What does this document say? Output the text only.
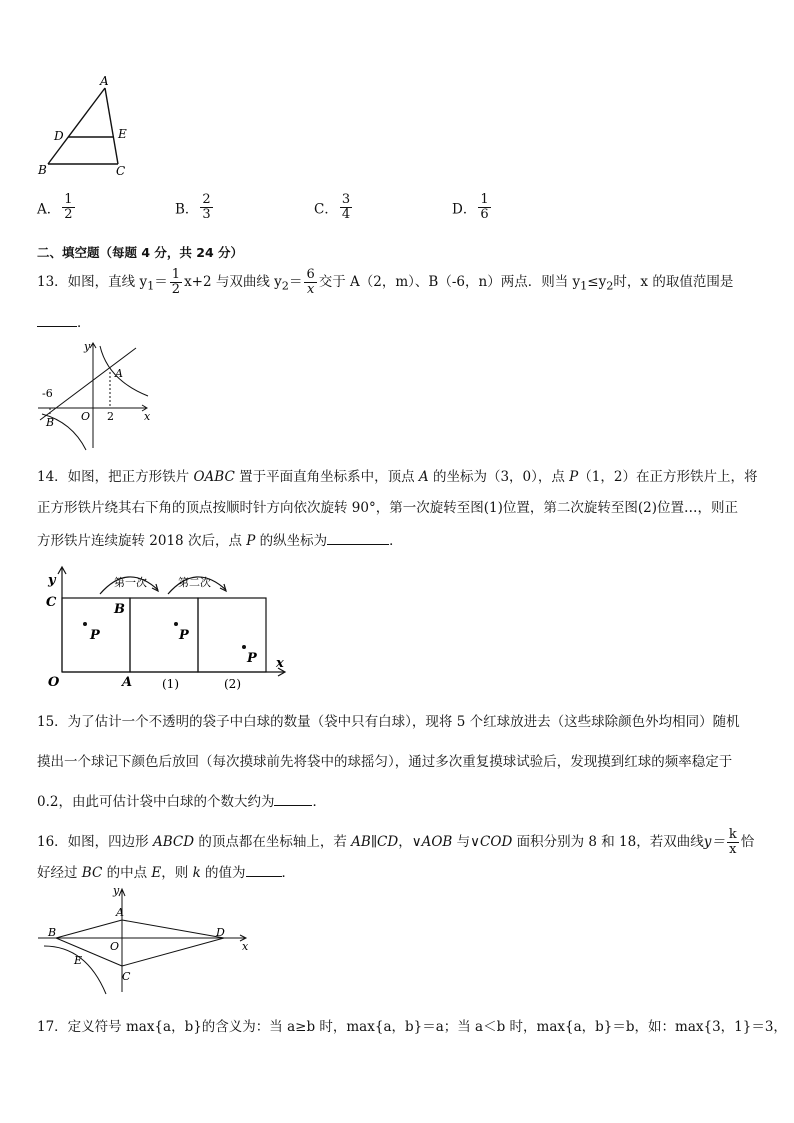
A
D	E
B	C
A． $\frac{1}{2}$	B． $\frac{2}{3}$	C． $\frac{3}{4}$	D． $\frac{1}{6}$
二、填空题（每题 4 分，共 24 分）
13．如图，直线 $y_1= \frac{1}{2} x+2$ 与双曲线 $y_2= \frac{6}{x}$ 交于 A（2，m）、B（-6，n）两点．则当 $y_1\le y_2$时，x 的取值范围是
．
y
x
O
A
B
-6
2
14．如图，把正方形铁片 OABC 置于平面直角坐标系中，顶点 A 的坐标为（3，0），点 P（1，2）在正方形铁片上，将
正方形铁片绕其右下角的顶点按顺时针方向依次旋转 90°，第一次旋转至图(1)位置，第二次旋转至图(2)位置…，则正
方形铁片连续旋转 2018 次后，点 P 的纵坐标为	．
y
x
C	B
O	A
P	P
P
第一次	第二次
(1)	(2)
15．为了估计一个不透明的袋子中白球的数量（袋中只有白球），现将 5 个红球放进去（这些球除颜色外均相同）随机
摸出一个球记下颜色后放回（每次摸球前先将袋中的球摇匀），通过多次重复摸球试验后，发现摸到红球的频率稳定于
0.2，由此可估计袋中白球的个数大约为	．
16．如图，四边形 ABCD 的顶点都在坐标轴上，若 AB∥CD，∨AOB 与∨COD 面积分别为 8 和 18，若双曲线$y= \frac{k}{x}$ 恰
好经过 BC 的中点 E，则 k 的值为	．
y
x
A
B
C
D
E
O
17．定义符号 max{a，b}的含义为：当 a≥b 时，max{a，b}＝a；当 a＜b 时，max{a，b}＝b，如：max{3，1}＝3，
